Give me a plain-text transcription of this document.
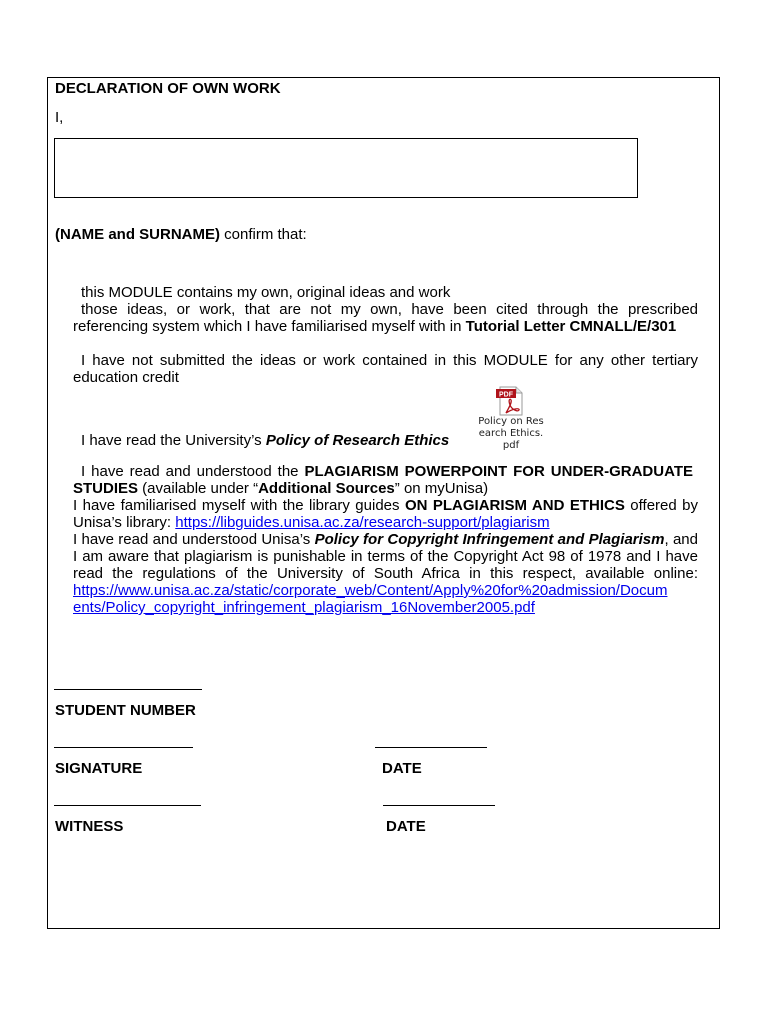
DECLARATION OF OWN WORK
I,
(NAME and SURNAME) confirm that:
this MODULE contains my own, original ideas and work
those ideas, or work, that are not my own, have been cited through the prescribed referencing system which I have familiarised myself with in Tutorial Letter CMNALL/E/301
I have not submitted the ideas or work contained in this MODULE for any other tertiary education credit
PDF
Policy on Research Ethics.pdf
I have read the University’s Policy of Research Ethics
I have read and understood the PLAGIARISM POWERPOINT FOR UNDER-GRADUATE STUDIES (available under “Additional Sources” on myUnisa)
I have familiarised myself with the library guides ON PLAGIARISM AND ETHICS offered by Unisa’s library: https://libguides.unisa.ac.za/research-support/plagiarism
I have read and understood Unisa’s Policy for Copyright Infringement and Plagiarism, and I am aware that plagiarism is punishable in terms of the Copyright Act 98 of 1978 and I have read the regulations of the University of South Africa in this respect, available online: https://www.unisa.ac.za/static/corporate_web/Content/Apply%20for%20admission/Docum
ents/Policy_copyright_infringement_plagiarism_16November2005.pdf
STUDENT NUMBER
SIGNATURE	DATE
WITNESS	DATE
